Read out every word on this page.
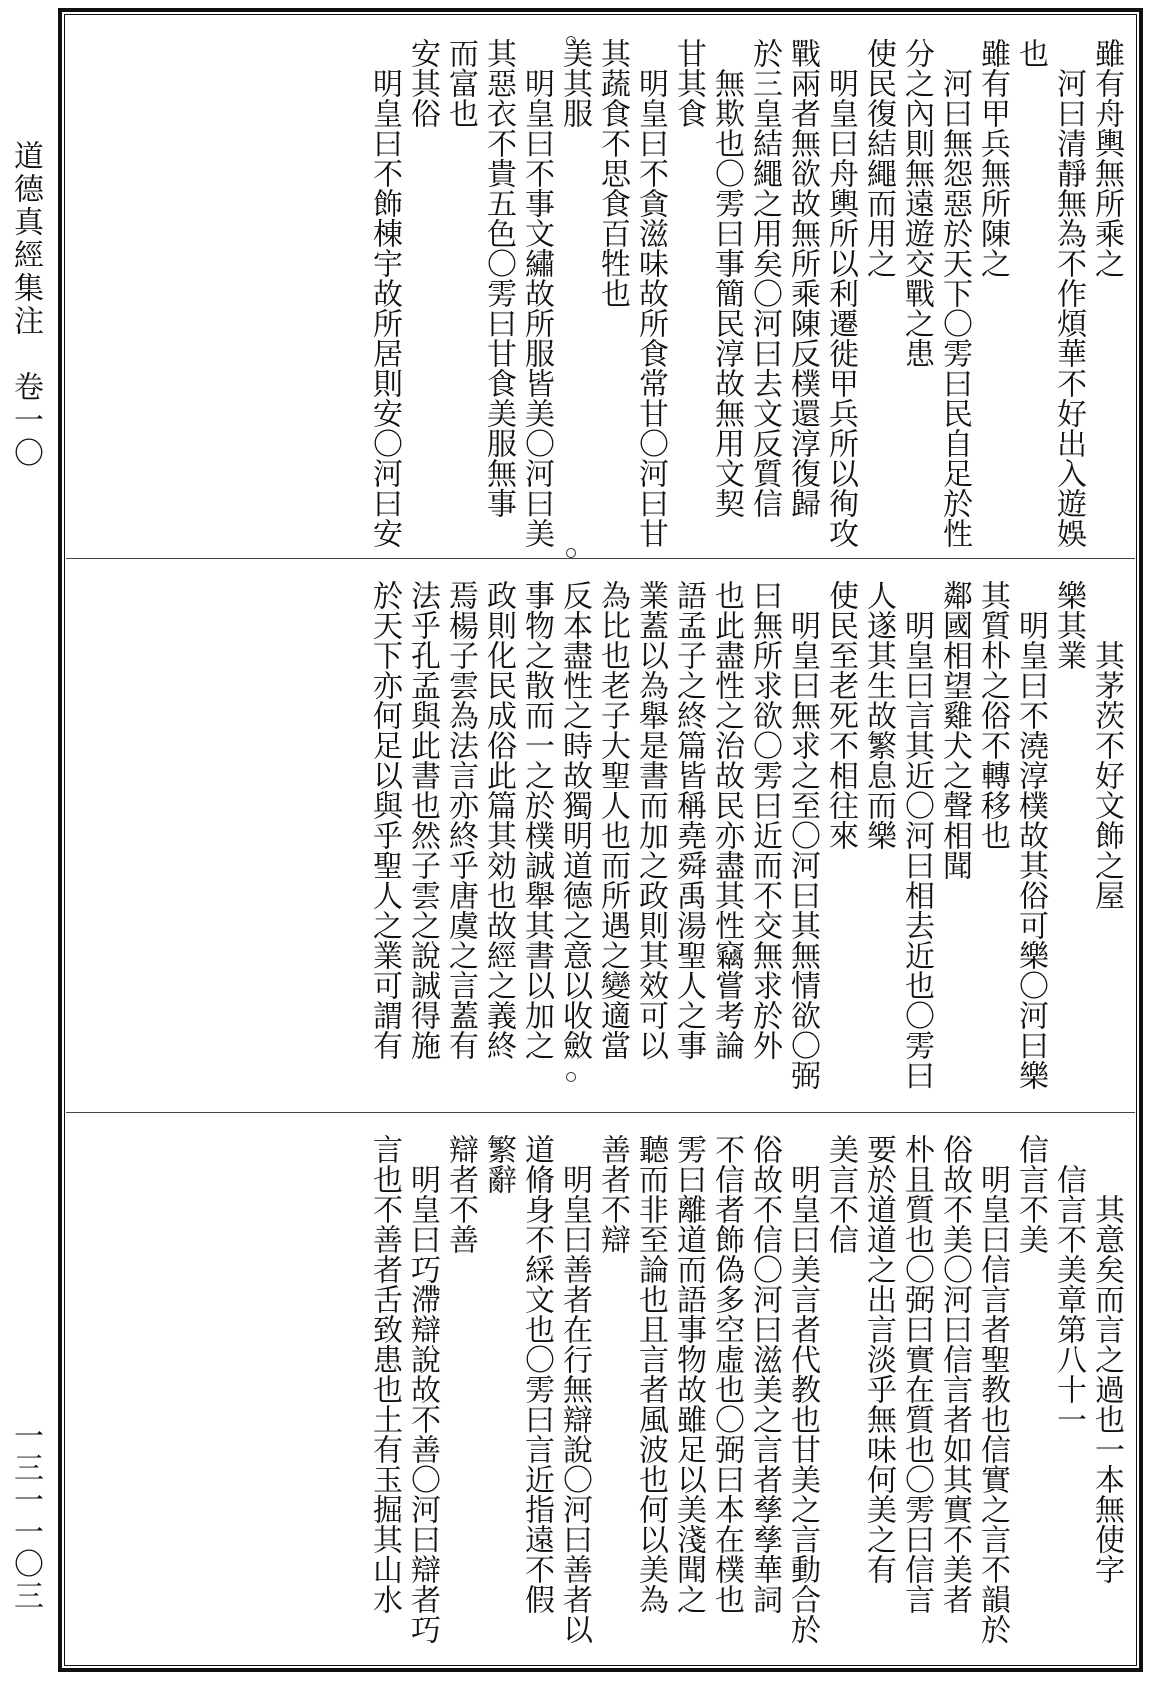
道德真經集注　卷一〇
一三一一〇三
雖有舟輿無所乘之
河曰清靜無為不作煩華不好出入遊娛
也
雖有甲兵無所陳之
河曰無怨惡於天下〇雱曰民自足於性
分之內則無遠遊交戰之患
使民復結繩而用之
明皇曰舟輿所以利遷徙甲兵所以徇攻
戰兩者無欲故無所乘陳反樸還淳復歸
於三皇結繩之用矣〇河曰去文反質信
無欺也〇雱曰事簡民淳故無用文契
甘其食
明皇曰不貪滋味故所食常甘〇河曰甘
其蔬食不思食百牲也
美其服
明皇曰不事文繡故所服皆美〇河曰美
其惡衣不貴五色〇雱曰甘食美服無事
而富也
安其俗
明皇曰不飾棟宇故所居則安〇河曰安
其茅茨不好文飾之屋
樂其業
明皇曰不澆淳樸故其俗可樂〇河曰樂
其質朴之俗不轉移也
鄰國相望雞犬之聲相聞
明皇曰言其近〇河曰相去近也〇雱曰
人遂其生故繁息而樂
使民至老死不相往來
明皇曰無求之至〇河曰其無情欲〇弼
曰無所求欲〇雱曰近而不交無求於外
也此盡性之治故民亦盡其性竊嘗考論
語孟子之終篇皆稱堯舜禹湯聖人之事
業蓋以為舉是書而加之政則其效可以
為比也老子大聖人也而所遇之變適當
反本盡性之時故獨明道德之意以收斂
事物之散而一之於樸誠舉其書以加之
政則化民成俗此篇其効也故經之義終
焉楊子雲為法言亦終乎唐虞之言蓋有
法乎孔孟與此書也然子雲之說誠得施
於天下亦何足以與乎聖人之業可謂有
其意矣而言之過也一本無使字
信言不美章第八十一
信言不美
明皇曰信言者聖教也信實之言不韻於
俗故不美〇河曰信言者如其實不美者
朴且質也〇弼曰實在質也〇雱曰信言
要於道道之出言淡乎無味何美之有
美言不信
明皇曰美言者代教也甘美之言動合於
俗故不信〇河曰滋美之言者孳孳華詞
不信者飾偽多空虛也〇弼曰本在樸也
雱曰離道而語事物故雖足以美淺聞之
聽而非至論也且言者風波也何以美為
善者不辯
明皇曰善者在行無辯說〇河曰善者以
道脩身不綵文也〇雱曰言近指遠不假
繁辭
辯者不善
明皇曰巧滯辯說故不善〇河曰辯者巧
言也不善者舌致患也土有玉掘其山水
